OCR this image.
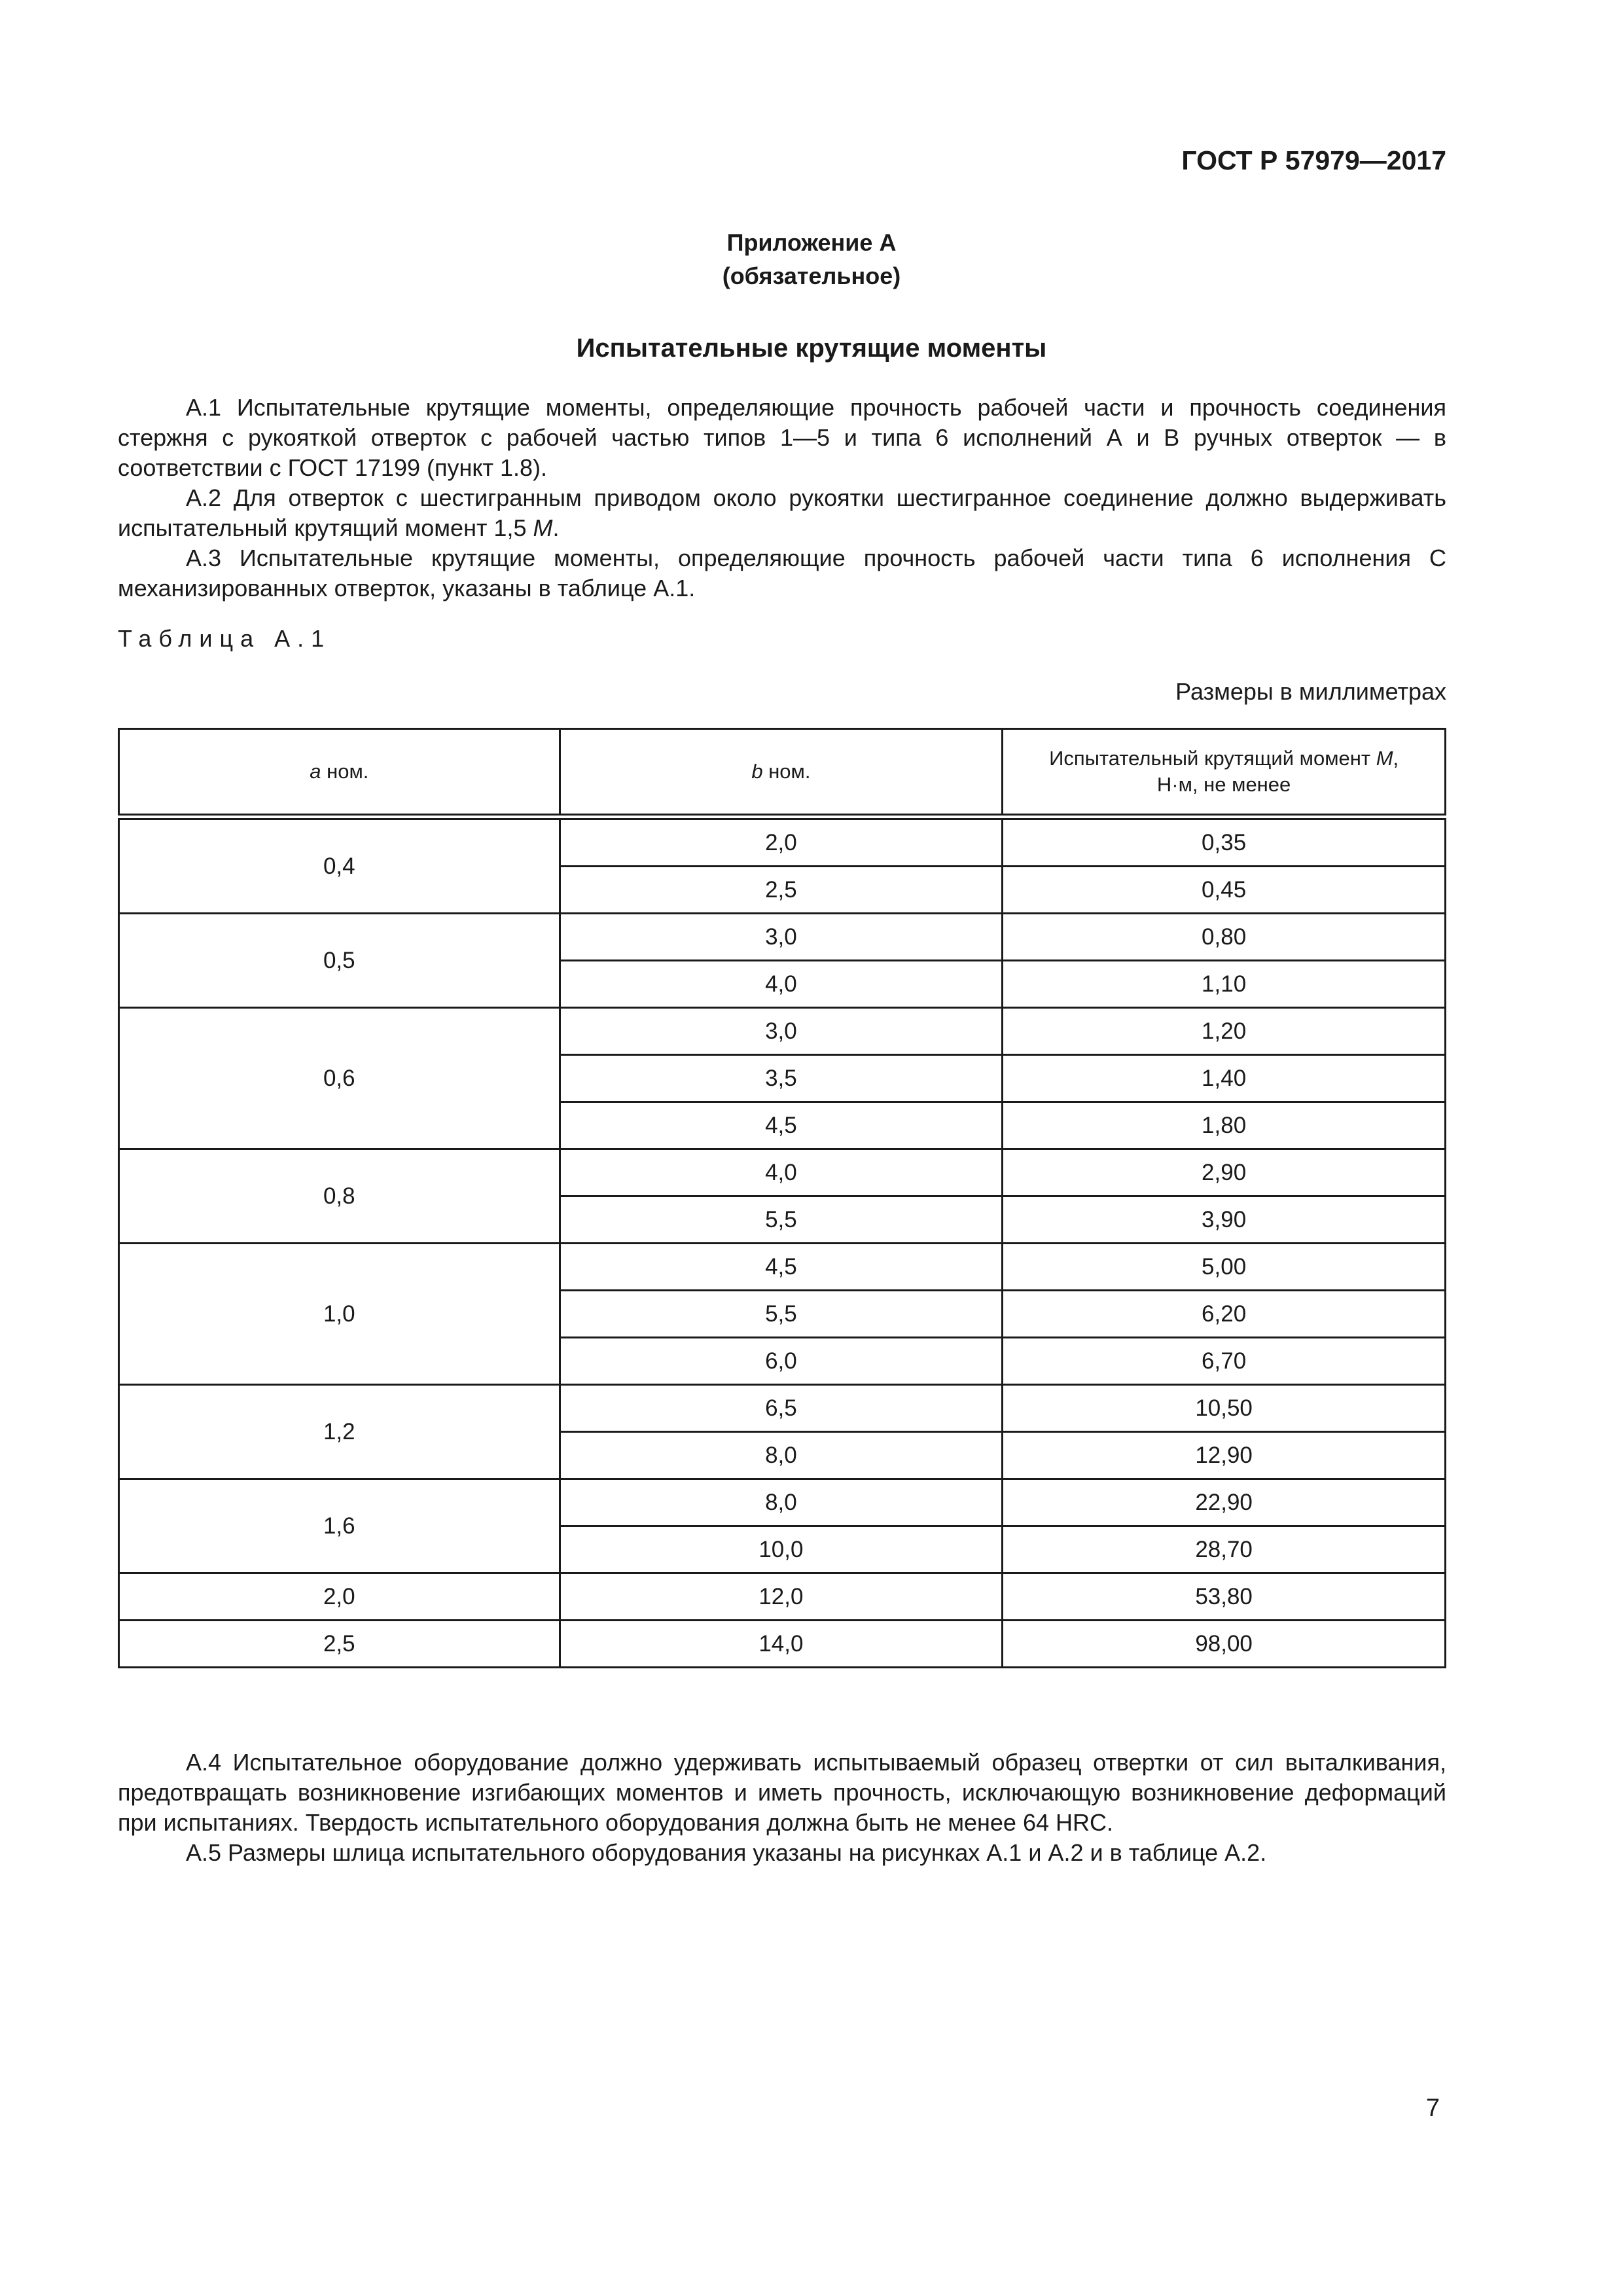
ГОСТ Р 57979—2017
Приложение А
(обязательное)
Испытательные крутящие моменты

А.1 Испытательные крутящие моменты, определяющие прочность рабочей части и прочность соединения стержня с рукояткой отверток с рабочей частью типов 1—5 и типа 6 исполнений А и В ручных отверток — в соответствии с ГОСТ 17199 (пункт 1.8).

А.2 Для отверток с шестигранным приводом около рукоятки шестигранное соединение должно выдерживать испытательный крутящий момент 1,5 M.

А.3 Испытательные крутящие моменты, определяющие прочность рабочей части типа 6 исполнения С механизированных отверток, указаны в таблице А.1.

Таблица А.1
Размеры в миллиметрах
a ном.	b ном.	Испытательный крутящий момент M,
Н·м, не менее
0,4	2,0	0,35
	2,5	0,45
0,5	3,0	0,80
	4,0	1,10
0,6	3,0	1,20
	3,5	1,40
	4,5	1,80
0,8	4,0	2,90
	5,5	3,90
1,0	4,5	5,00
	5,5	6,20
	6,0	6,70
1,2	6,5	10,50
	8,0	12,90
1,6	8,0	22,90
	10,0	28,70
2,0	12,0	53,80
2,5	14,0	98,00

А.4 Испытательное оборудование должно удерживать испытываемый образец отвертки от сил выталкивания, предотвращать возникновение изгибающих моментов и иметь прочность, исключающую возникновение деформаций при испытаниях. Твердость испытательного оборудования должна быть не менее 64 HRC.

А.5 Размеры шлица испытательного оборудования указаны на рисунках А.1 и А.2 и в таблице А.2.

7
